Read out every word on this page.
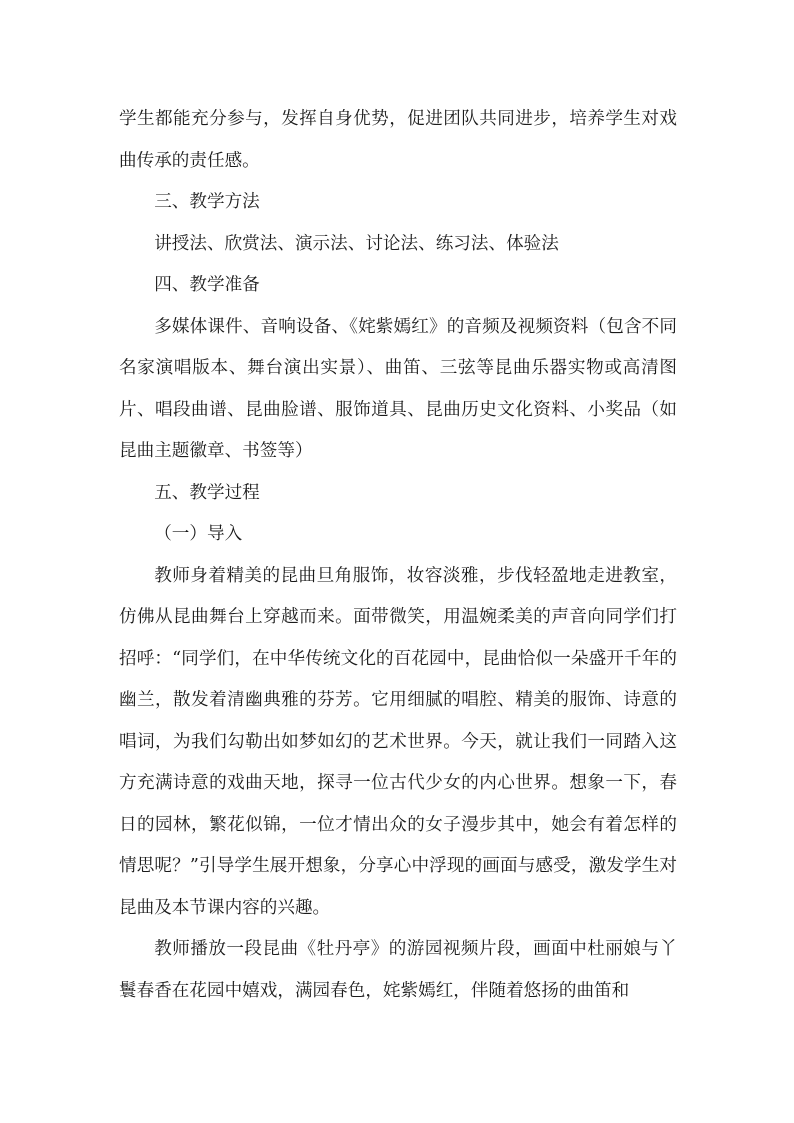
学生都能充分参与，发挥自身优势，促进团队共同进步，培养学生对戏曲传承的责任感。

三、教学方法

讲授法、欣赏法、演示法、讨论法、练习法、体验法

四、教学准备

多媒体课件、音响设备、《姹紫嫣红》的音频及视频资料（包含不同名家演唱版本、舞台演出实景）、曲笛、三弦等昆曲乐器实物或高清图片、唱段曲谱、昆曲脸谱、服饰道具、昆曲历史文化资料、小奖品（如昆曲主题徽章、书签等）

五、教学过程

（一）导入

教师身着精美的昆曲旦角服饰，妆容淡雅，步伐轻盈地走进教室，仿佛从昆曲舞台上穿越而来。面带微笑，用温婉柔美的声音向同学们打招呼：“同学们，在中华传统文化的百花园中，昆曲恰似一朵盛开千年的幽兰，散发着清幽典雅的芬芳。它用细腻的唱腔、精美的服饰、诗意的唱词，为我们勾勒出如梦如幻的艺术世界。今天，就让我们一同踏入这方充满诗意的戏曲天地，探寻一位古代少女的内心世界。想象一下，春日的园林，繁花似锦，一位才情出众的女子漫步其中，她会有着怎样的情思呢？”引导学生展开想象，分享心中浮现的画面与感受，激发学生对昆曲及本节课内容的兴趣。

教师播放一段昆曲《牡丹亭》的游园视频片段，画面中杜丽娘与丫鬟春香在花园中嬉戏，满园春色，姹紫嫣红，伴随着悠扬的曲笛和
